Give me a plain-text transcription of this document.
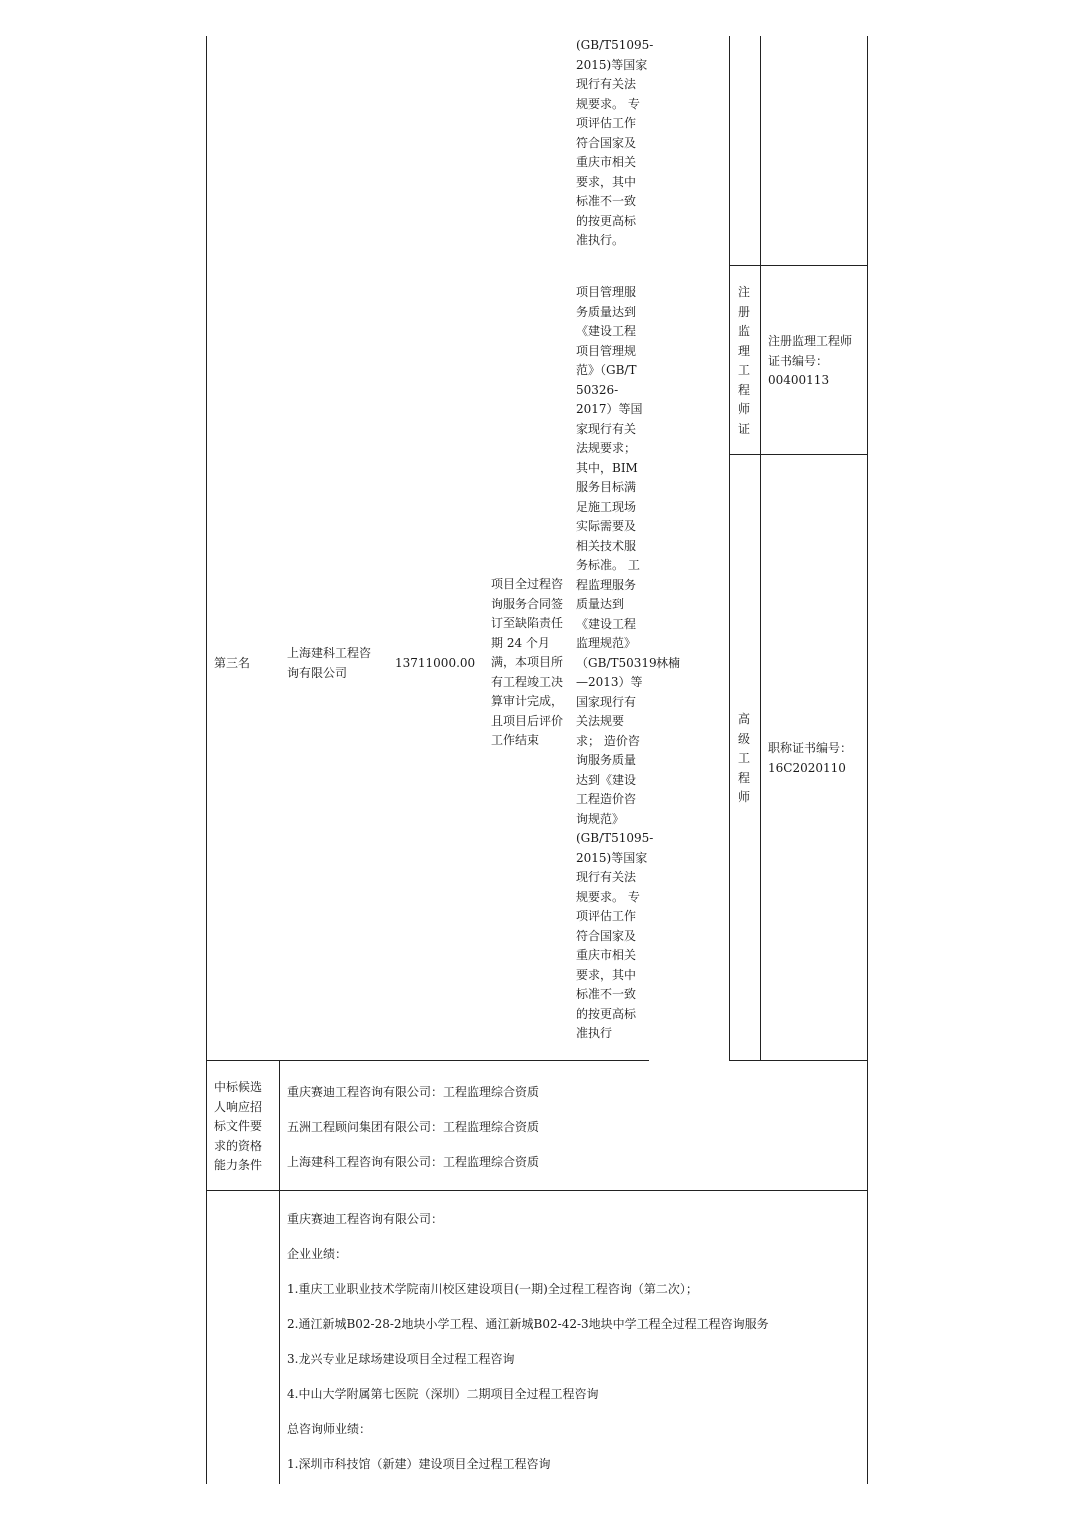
(GB/T51095-
2015)等国家
现行有关法
规要求。 专
项评估工作
符合国家及
重庆市相关
要求，其中
标准不一致
的按更高标
准执行。
第三名
上海建科工程咨
询有限公司
13711000.00
项目全过程咨
询服务合同签
订至缺陷责任
期 24 个月
满，本项目所
有工程竣工决
算审计完成，
且项目后评价
工作结束
项目管理服
务质量达到
《建设工程
项目管理规
范》（GB/T
50326-
2017）等国
家现行有关
法规要求；
其中，BIM
服务目标满
足施工现场
实际需要及
相关技术服
务标准。 工
程监理服务
质量达到
《建设工程
监理规范》
（GB/T50319
—2013）等
国家现行有
关法规要
求； 造价咨
询服务质量
达到《建设
工程造价咨
询规范》
(GB/T51095-
2015)等国家
现行有关法
规要求。 专
项评估工作
符合国家及
重庆市相关
要求，其中
标准不一致
的按更高标
准执行
林楠
注
册
监
理
工
程
师
证
注册监理工程师
证书编号：
00400113
高
级
工
程
师
职称证书编号：
16C2020110
中标候选
人响应招
标文件要
求的资格
能力条件
重庆赛迪工程咨询有限公司：工程监理综合资质
五洲工程顾问集团有限公司：工程监理综合资质
上海建科工程咨询有限公司：工程监理综合资质
重庆赛迪工程咨询有限公司：
企业业绩：
1.重庆工业职业技术学院南川校区建设项目(一期)全过程工程咨询（第二次）；
2.通江新城B02-28-2地块小学工程、通江新城B02-42-3地块中学工程全过程工程咨询服务
3.龙兴专业足球场建设项目全过程工程咨询
4.中山大学附属第七医院（深圳）二期项目全过程工程咨询
总咨询师业绩：
1.深圳市科技馆（新建）建设项目全过程工程咨询
